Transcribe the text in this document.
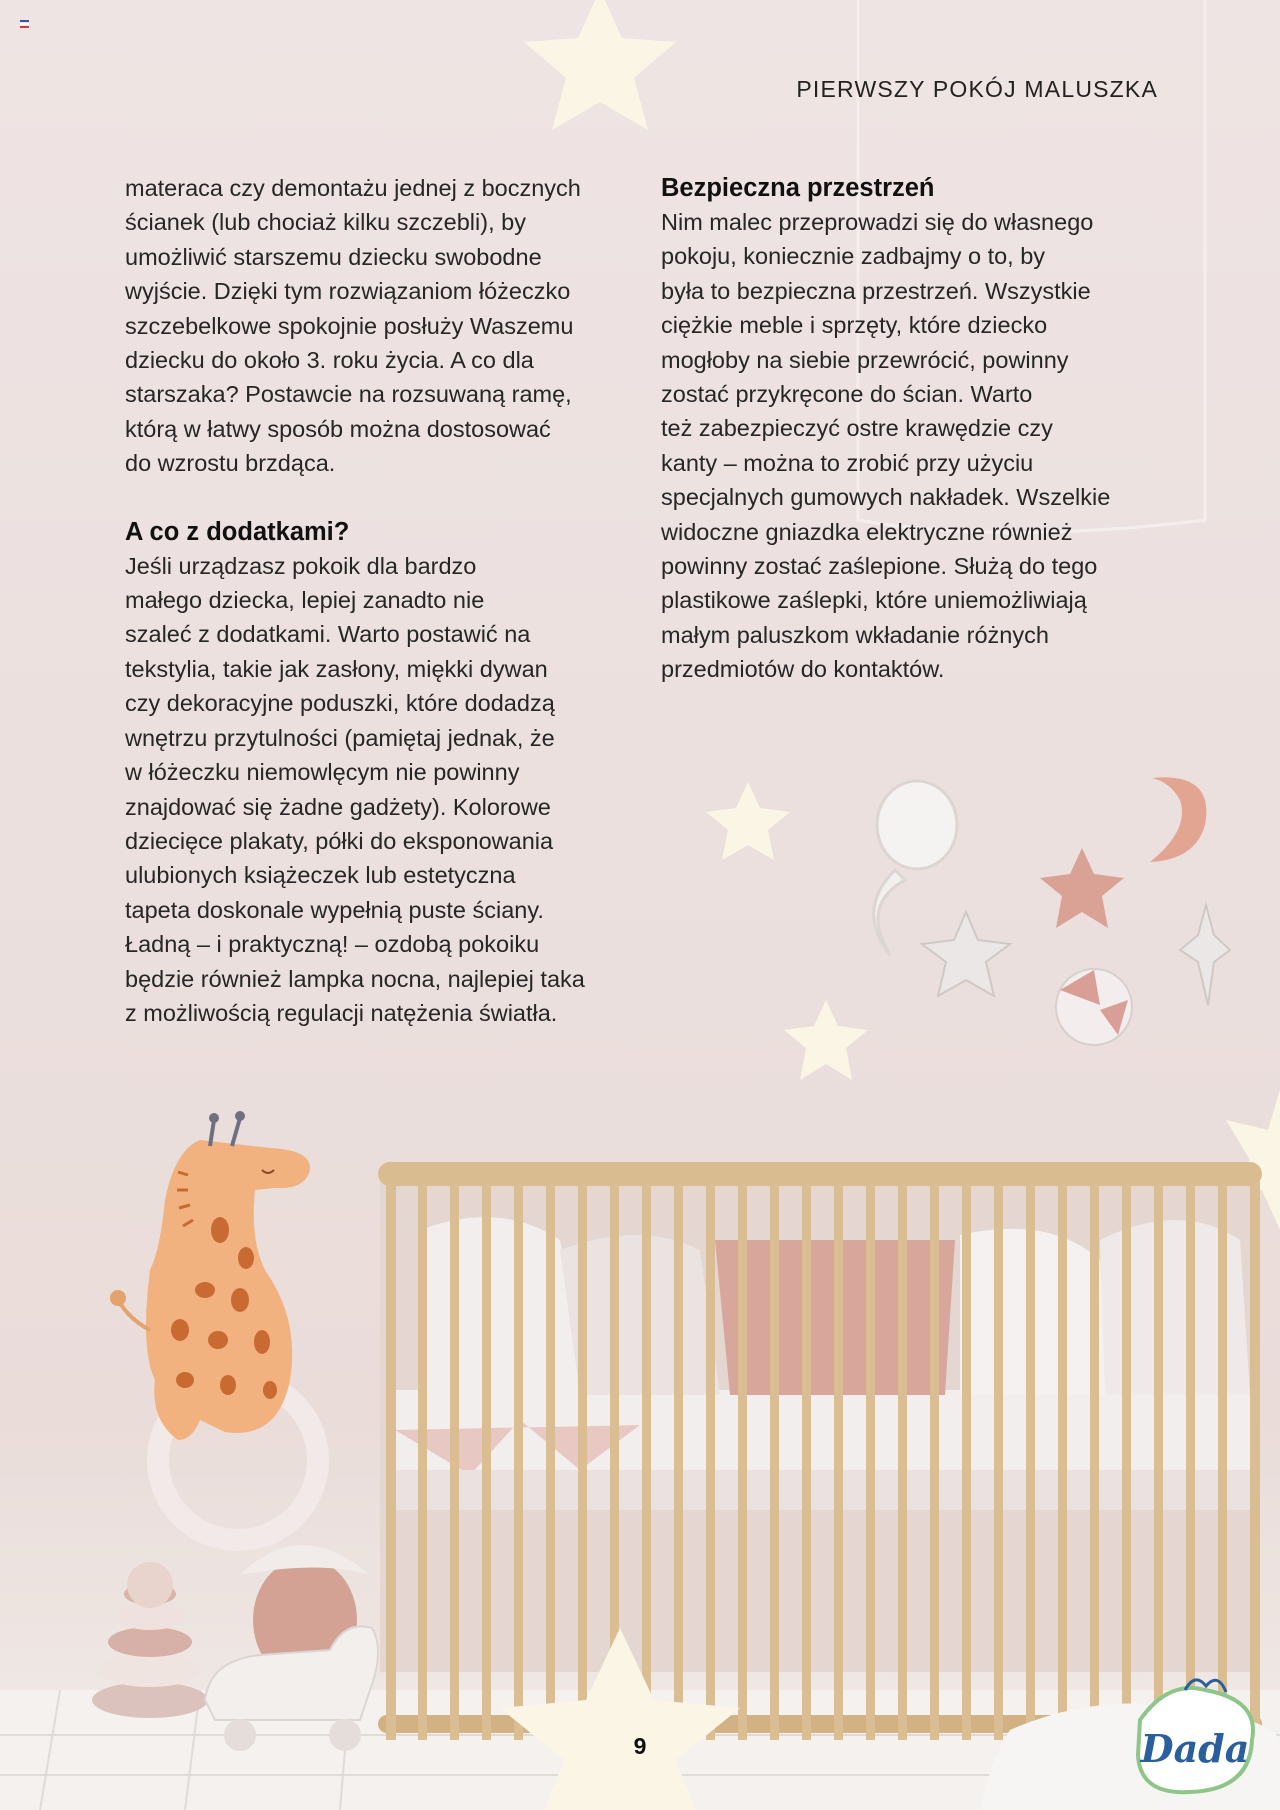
Dada
PIERWSZY POKÓJ MALUSZKA

materaca czy demontażu jednej z bocznych
ścianek (lub chociaż kilku szczebli), by
umożliwić starszemu dziecku swobodne
wyjście. Dzięki tym rozwiązaniom łóżeczko
szczebelkowe spokojnie posłuży Waszemu
dziecku do około 3. roku życia. A co dla
starszaka? Postawcie na rozsuwaną ramę,
którą w łatwy sposób można dostosować
do wzrostu brzdąca.

A co z dodatkami?

Jeśli urządzasz pokoik dla bardzo
małego dziecka, lepiej zanadto nie
szaleć z dodatkami. Warto postawić na
tekstylia, takie jak zasłony, miękki dywan
czy dekoracyjne poduszki, które dodadzą
wnętrzu przytulności (pamiętaj jednak, że
w łóżeczku niemowlęcym nie powinny
znajdować się żadne gadżety). Kolorowe
dziecięce plakaty, półki do eksponowania
ulubionych książeczek lub estetyczna
tapeta doskonale wypełnią puste ściany.
Ładną – i praktyczną! – ozdobą pokoiku
będzie również lampka nocna, najlepiej taka
z możliwością regulacji natężenia światła.

Bezpieczna przestrzeń

Nim malec przeprowadzi się do własnego
pokoju, koniecznie zadbajmy o to, by
była to bezpieczna przestrzeń. Wszystkie
ciężkie meble i sprzęty, które dziecko
mogłoby na siebie przewrócić, powinny
zostać przykręcone do ścian. Warto
też zabezpieczyć ostre krawędzie czy
kanty – można to zrobić przy użyciu
specjalnych gumowych nakładek. Wszelkie
widoczne gniazdka elektryczne również
powinny zostać zaślepione. Służą do tego
plastikowe zaślepki, które uniemożliwiają
małym paluszkom wkładanie różnych
przedmiotów do kontaktów.

9
